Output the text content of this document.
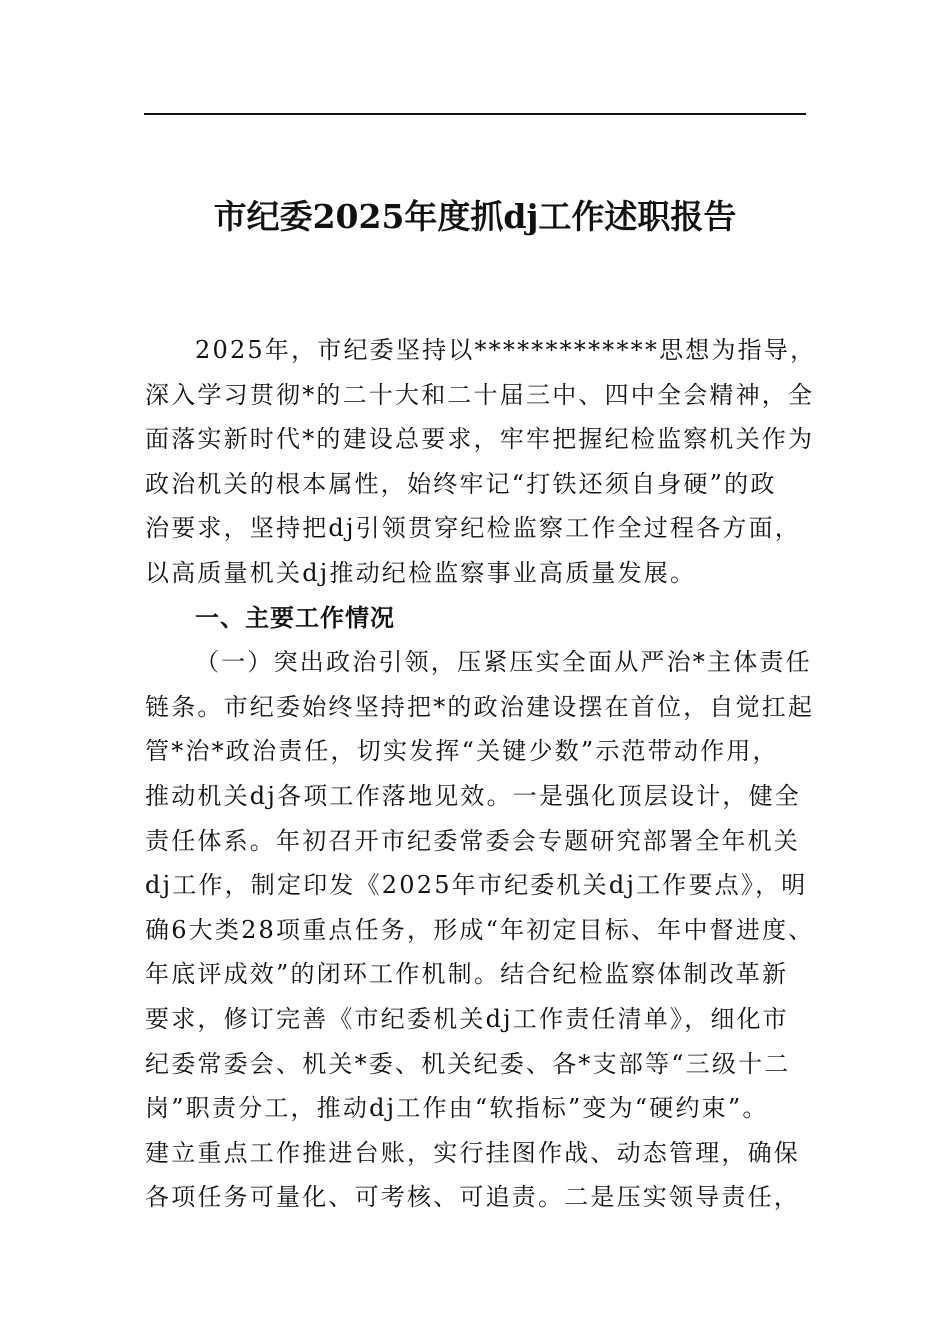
市纪委2025年度抓dj工作述职报告
2025年，市纪委坚持以*************思想为指导，
深入学习贯彻*的二十大和二十届三中、四中全会精神，全
面落实新时代*的建设总要求，牢牢把握纪检监察机关作为
政治机关的根本属性，始终牢记“打铁还须自身硬”的政
治要求，坚持把dj引领贯穿纪检监察工作全过程各方面，
以高质量机关dj推动纪检监察事业高质量发展。
一、主要工作情况
（一）突出政治引领，压紧压实全面从严治*主体责任
链条。市纪委始终坚持把*的政治建设摆在首位，自觉扛起
管*治*政治责任，切实发挥“关键少数”示范带动作用，
推动机关dj各项工作落地见效。一是强化顶层设计，健全
责任体系。年初召开市纪委常委会专题研究部署全年机关
dj工作，制定印发《2025年市纪委机关dj工作要点》，明
确6大类28项重点任务，形成“年初定目标、年中督进度、
年底评成效”的闭环工作机制。结合纪检监察体制改革新
要求，修订完善《市纪委机关dj工作责任清单》，细化市
纪委常委会、机关*委、机关纪委、各*支部等“三级十二
岗”职责分工，推动dj工作由“软指标”变为“硬约束”。
建立重点工作推进台账，实行挂图作战、动态管理，确保
各项任务可量化、可考核、可追责。二是压实领导责任，
